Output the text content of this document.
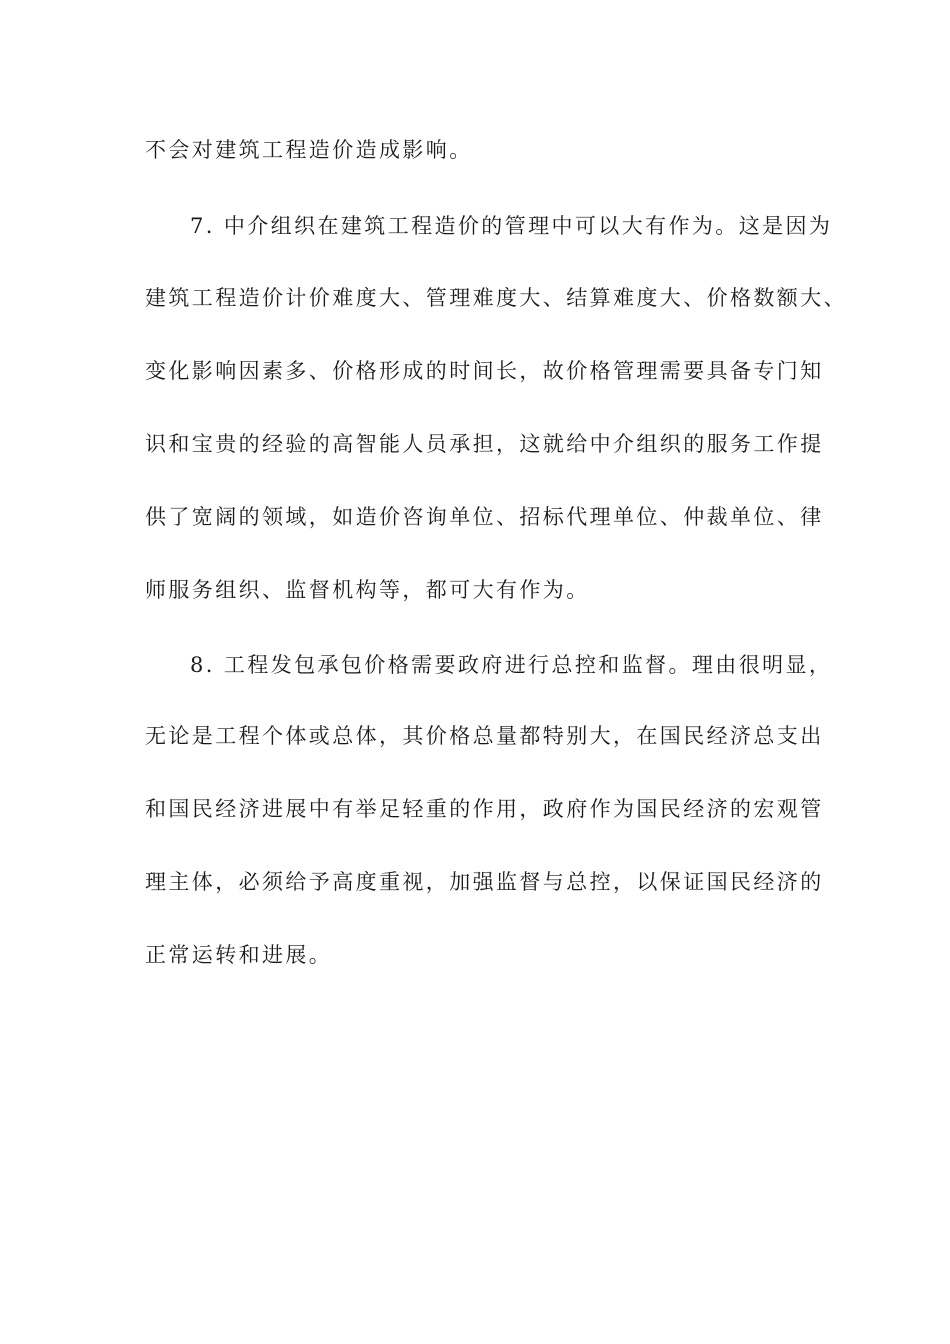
不会对建筑工程造价造成影响。
7. 中介组织在建筑工程造价的管理中可以大有作为。这是因为
建筑工程造价计价难度大、管理难度大、结算难度大、价格数额大、
变化影响因素多、价格形成的时间长，故价格管理需要具备专门知
识和宝贵的经验的高智能人员承担，这就给中介组织的服务工作提
供了宽阔的领域，如造价咨询单位、招标代理单位、仲裁单位、律
师服务组织、监督机构等，都可大有作为。
8. 工程发包承包价格需要政府进行总控和监督。理由很明显，
无论是工程个体或总体，其价格总量都特别大，在国民经济总支出
和国民经济进展中有举足轻重的作用，政府作为国民经济的宏观管
理主体，必须给予高度重视，加强监督与总控，以保证国民经济的
正常运转和进展。
